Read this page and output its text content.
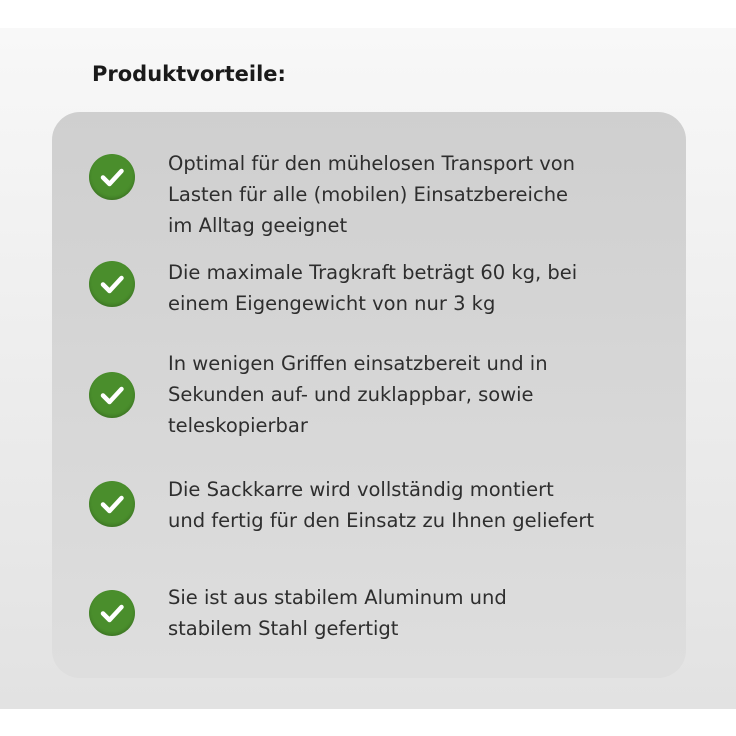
Produktvorteile:
Optimal für den mühelosen Transport von
Lasten für alle (mobilen) Einsatzbereiche
im Alltag geeignet
Die maximale Tragkraft beträgt 60 kg, bei
einem Eigengewicht von nur 3 kg
In wenigen Griffen einsatzbereit und in
Sekunden auf- und zuklappbar, sowie
teleskopierbar
Die Sackkarre wird vollständig montiert
und fertig für den Einsatz zu Ihnen geliefert
Sie ist aus stabilem Aluminum und
stabilem Stahl gefertigt
